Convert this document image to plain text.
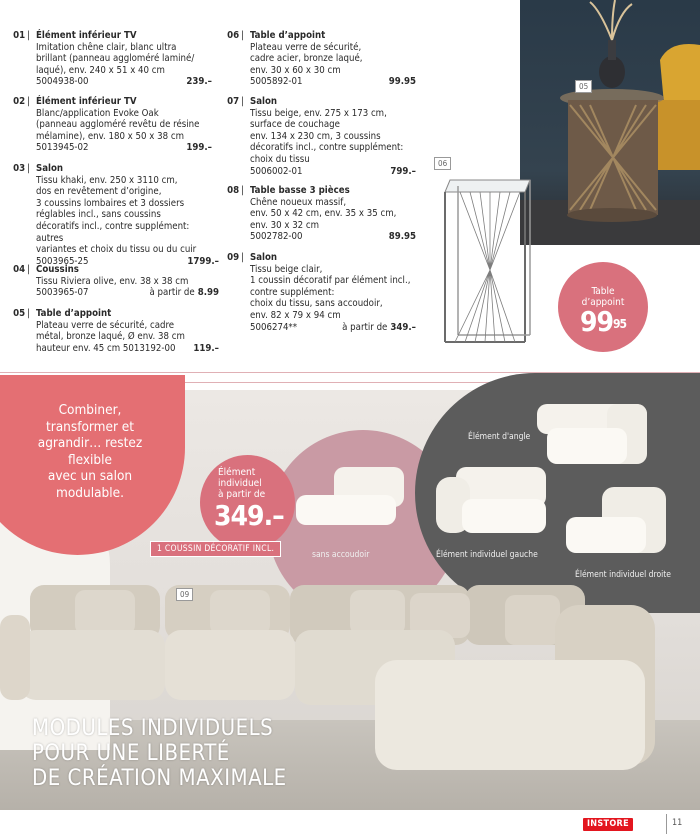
01 |	Élément inférieur TV
Imitation chêne clair, blanc ultra
brillant (panneau aggloméré laminé/
laqué), env. 240 x 51 x 40 cm
5004938-00	239.–
02 |	Élément inférieur TV
Blanc/application Evoke Oak
(panneau aggloméré revêtu de résine
mélamine), env. 180 x 50 x 38 cm
5013945-02	199.–
03 |	Salon
Tissu khaki, env. 250 x 3110 cm,
dos en revêtement d’origine,
3 coussins lombaires et 3 dossiers
réglables incl., sans coussins
décoratifs incl., contre supplément: autres
variantes et choix du tissu ou du cuir
5003965-25	1799.–
04 |	Coussins
Tissu Riviera olive, env. 38 x 38 cm
5003965-07	à partir de 8.99
05 |	Table d’appoint
Plateau verre de sécurité, cadre
métal, bronze laqué, Ø env. 38 cm
hauteur env. 45 cm 5013192-00 119.–
06 |	Table d’appoint
Plateau verre de sécurité,
cadre acier, bronze laqué,
env. 30 x 60 x 30 cm
5005892-01	99.95
07 |	Salon
Tissu beige, env. 275 x 173 cm,
surface de couchage
env. 134 x 230 cm, 3 coussins
décoratifs incl., contre supplément:
choix du tissu
5006002-01	799.–
08 |	Table basse 3 pièces
Chêne noueux massif,
env. 50 x 42 cm, env. 35 x 35 cm,
env. 30 x 32 cm
5002782-00	89.95
09 |	Salon
Tissu beige clair,
1 coussin décoratif par élément incl.,
contre supplément:
choix du tissu, sans accoudoir,
env. 82 x 79 x 94 cm
5006274**	à partir de 349.–
05
06
Table
d’appoint
$99^{95}$
Combiner,
transformer et
agrandir… restez
flexible
avec un salon
modulable.
Élément
individuel
à partir de
349.–
1 COUSSIN DÉCORATIF INCL.
sans accoudoir
Élément d'angle
Élément individuel gauche
Élément individuel droite
09
MODULES INDIVIDUELS
POUR UNE LIBERTÉ
DE CRÉATION MAXIMALE
INSTORE	11
